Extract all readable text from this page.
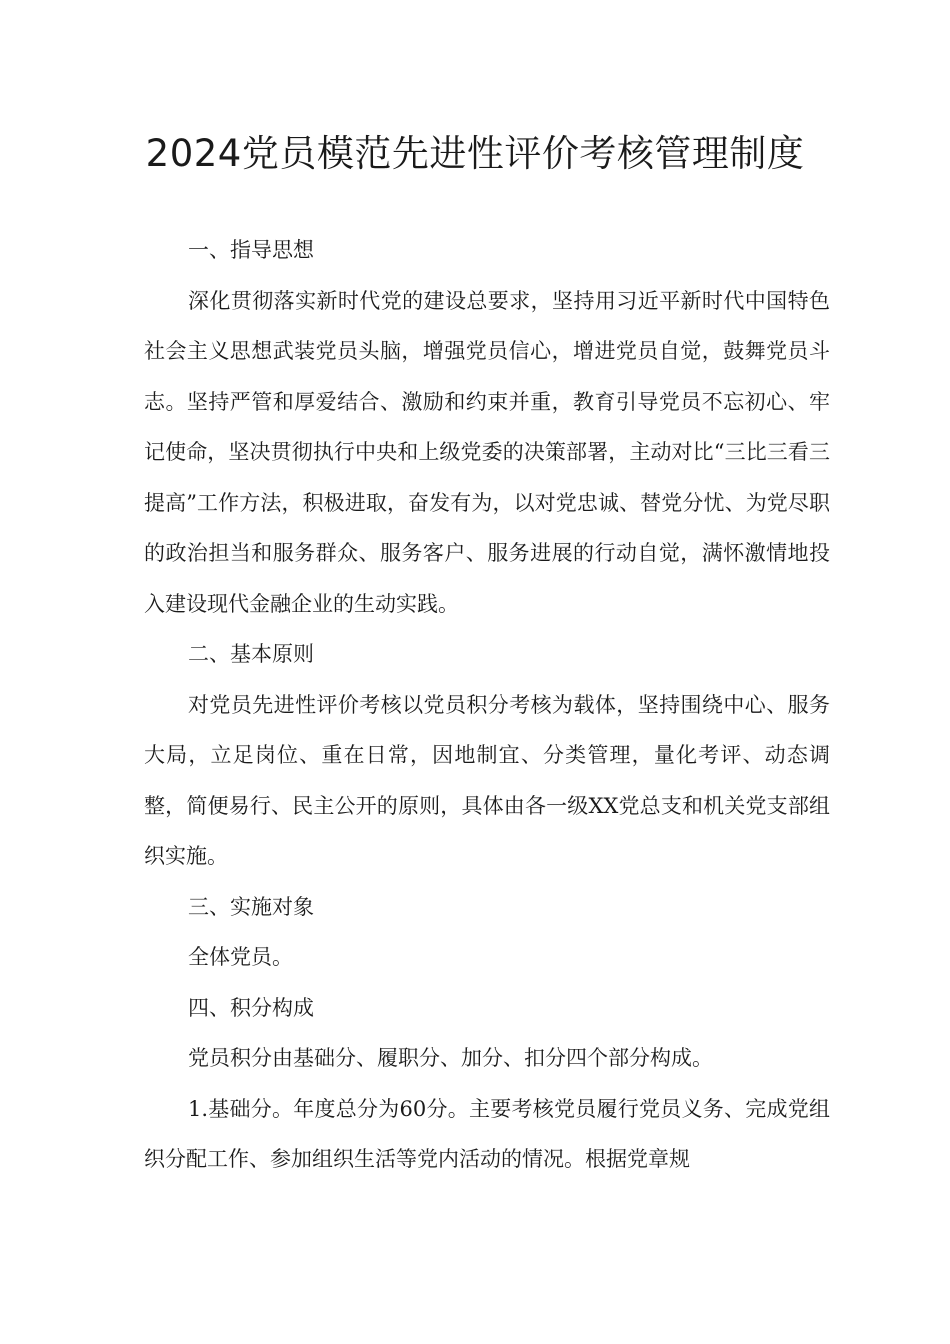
2024党员模范先进性评价考核管理制度

一、指导思想

深化贯彻落实新时代党的建设总要求，坚持用习近平新时代中国特色社会主义思想武装党员头脑，增强党员信心，增进党员自觉，鼓舞党员斗志。坚持严管和厚爱结合、激励和约束并重，教育引导党员不忘初心、牢记使命，坚决贯彻执行中央和上级党委的决策部署，主动对比“三比三看三提高”工作方法，积极进取，奋发有为，以对党忠诚、替党分忧、为党尽职的政治担当和服务群众、服务客户、服务进展的行动自觉，满怀激情地投入建设现代金融企业的生动实践。

二、基本原则

对党员先进性评价考核以党员积分考核为载体，坚持围绕中心、服务大局，立足岗位、重在日常，因地制宜、分类管理，量化考评、动态调整，简便易行、民主公开的原则，具体由各一级XX党总支和机关党支部组织实施。

三、实施对象

全体党员。

四、积分构成

党员积分由基础分、履职分、加分、扣分四个部分构成。

1.基础分。年度总分为60分。主要考核党员履行党员义务、完成党组织分配工作、参加组织生活等党内活动的情况。根据党章规
